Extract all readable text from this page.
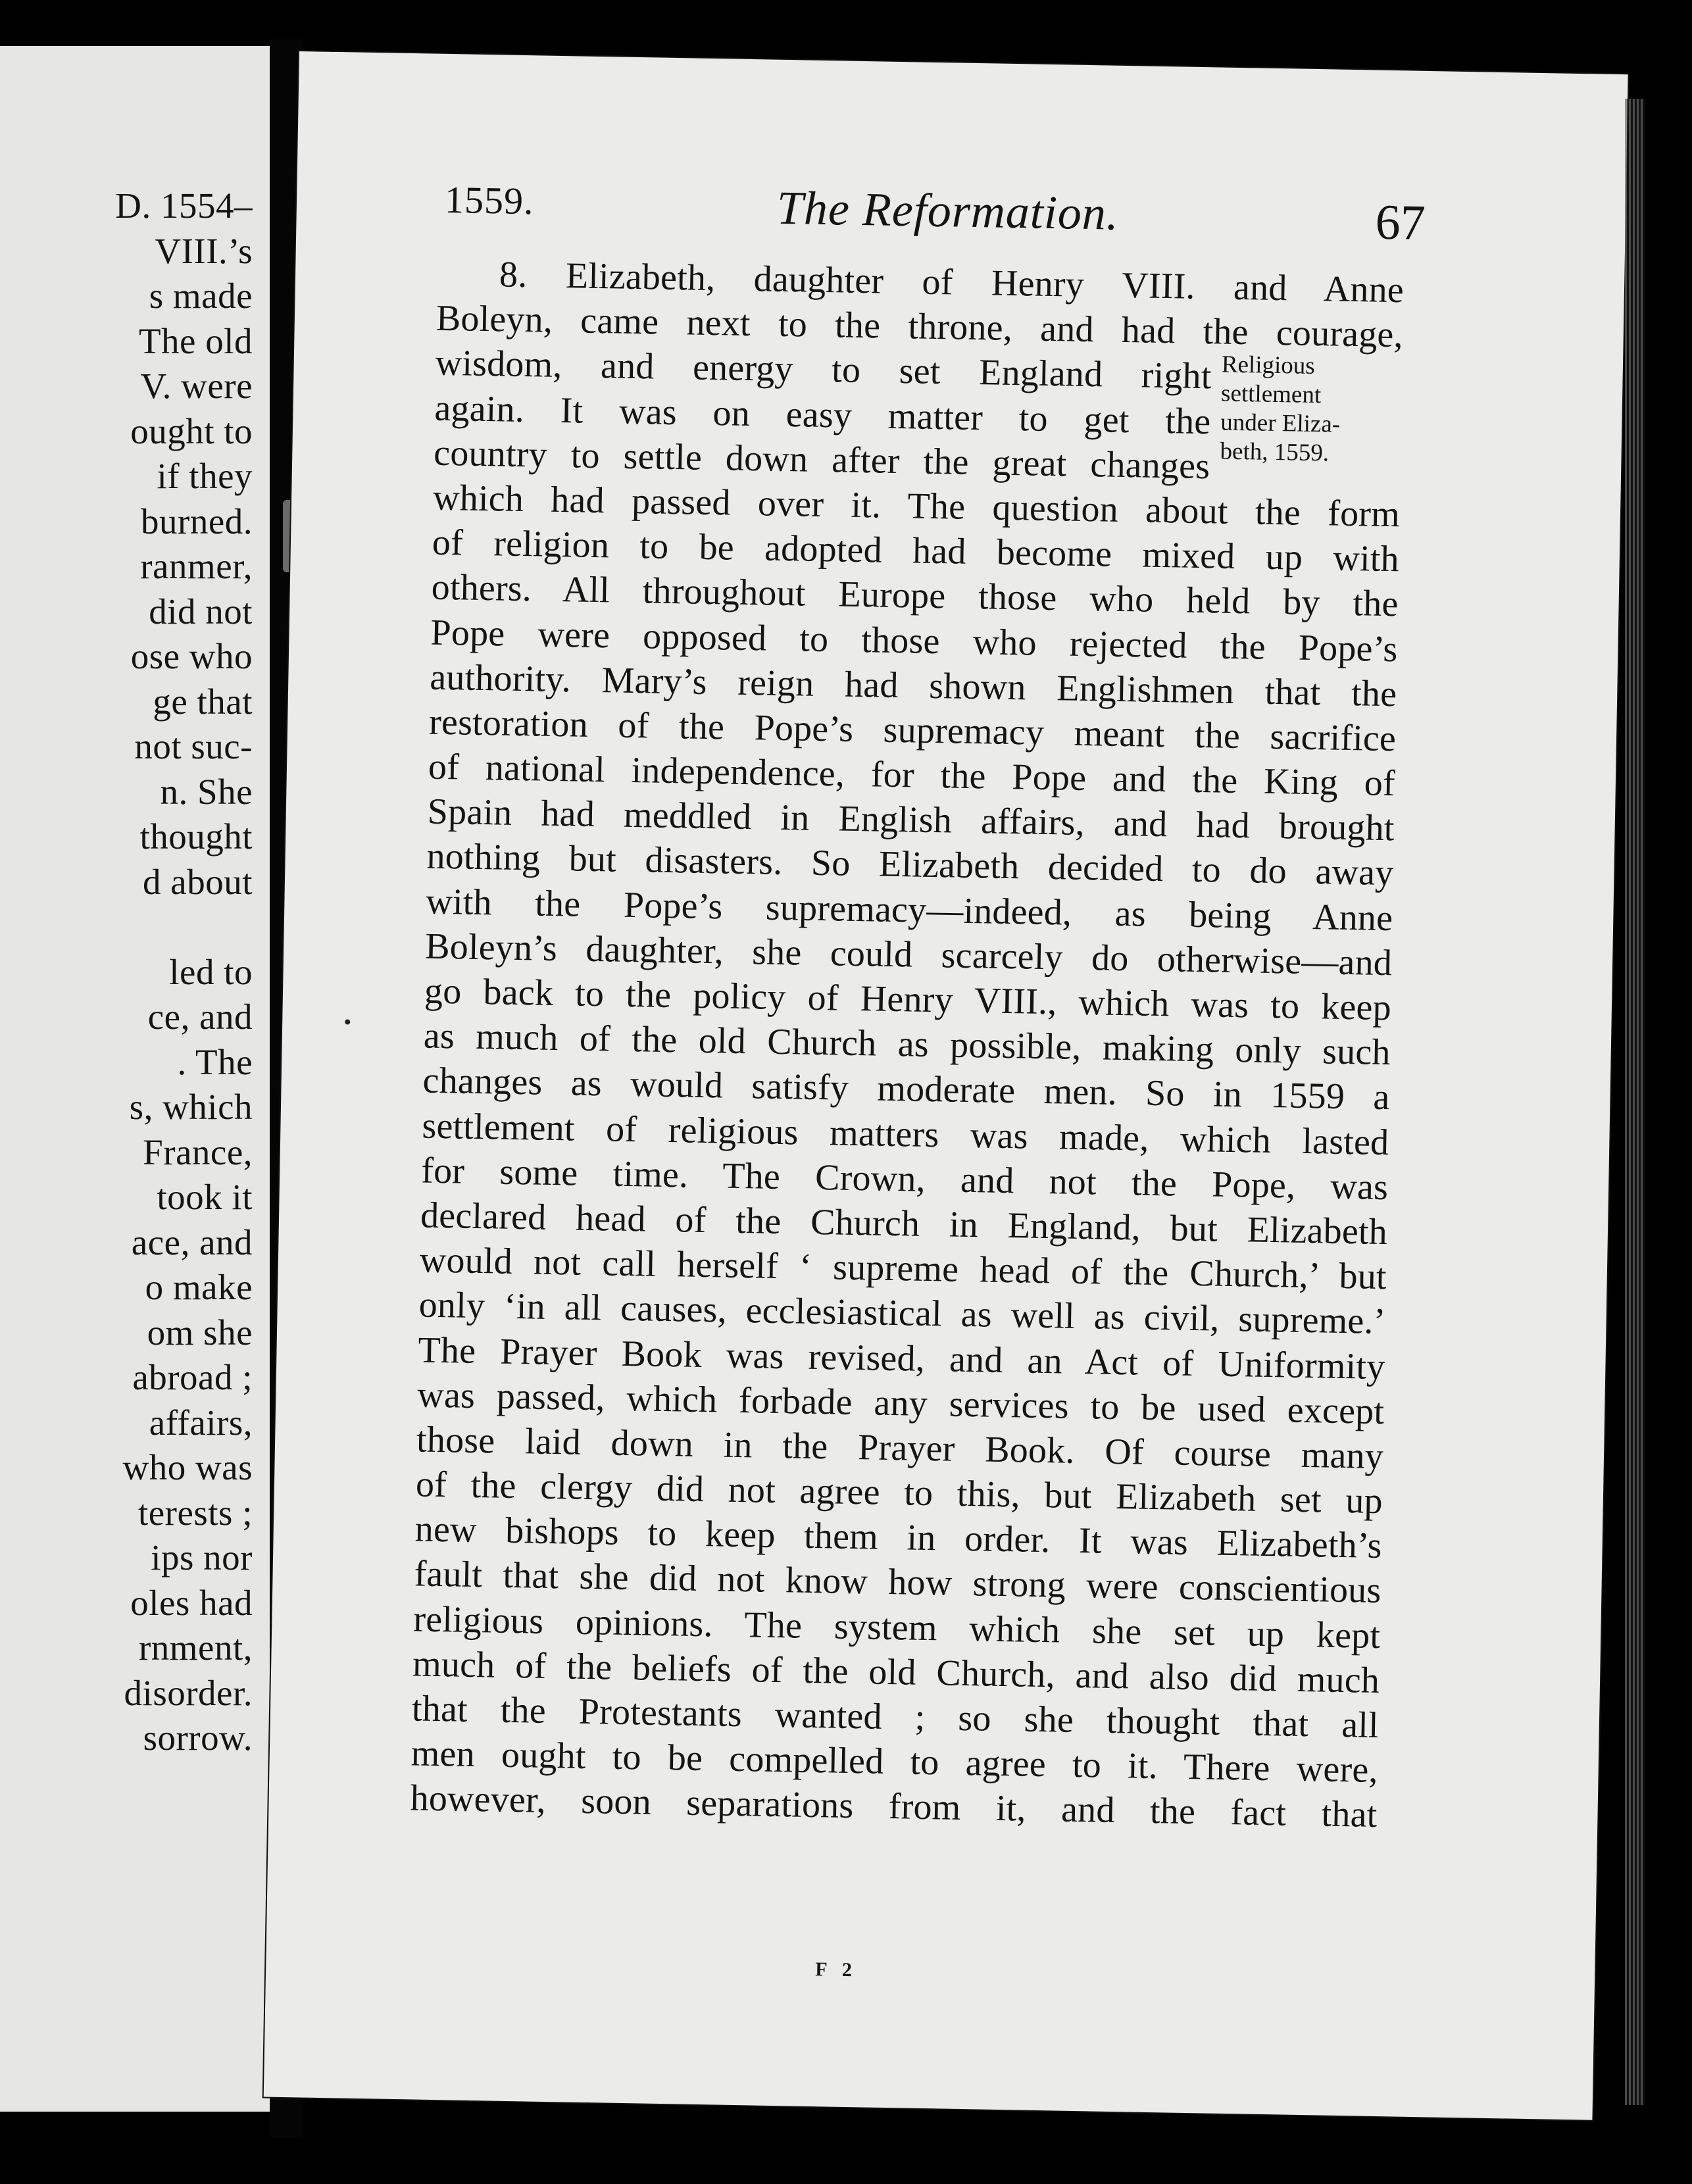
D. 1554–
VIII.’s
s made
The old
V. were
ought to
if they
burned.
ranmer,
did not
ose who
ge that
not suc-
n. She
thought
d about
led to
ce, and
. The
s, which
France,
took it
ace, and
o make
om she
abroad ;
affairs,
who was
terests ;
ips nor
oles had
rnment,
disorder.
sorrow.
1559.	The Reformation.	67
8. Elizabeth, daughter of Henry VIII. and Anne
Boleyn, came next to the throne, and had the courage,
wisdom, and energy to set England right
again. It was on easy matter to get the
country to settle down after the great changes
which had passed over it. The question about the form
of religion to be adopted had become mixed up with
others. All throughout Europe those who held by the
Pope were opposed to those who rejected the Pope’s
authority. Mary’s reign had shown Englishmen that the
restoration of the Pope’s supremacy meant the sacrifice
of national independence, for the Pope and the King of
Spain had meddled in English affairs, and had brought
nothing but disasters. So Elizabeth decided to do away
with the Pope’s supremacy—indeed, as being Anne
Boleyn’s daughter, she could scarcely do otherwise—and
go back to the policy of Henry VIII., which was to keep
as much of the old Church as possible, making only such
changes as would satisfy moderate men. So in 1559 a
settlement of religious matters was made, which lasted
for some time. The Crown, and not the Pope, was
declared head of the Church in England, but Elizabeth
would not call herself ‘ supreme head of the Church,’ but
only ‘in all causes, ecclesiastical as well as civil, supreme.’
The Prayer Book was revised, and an Act of Uniformity
was passed, which forbade any services to be used except
those laid down in the Prayer Book. Of course many
of the clergy did not agree to this, but Elizabeth set up
new bishops to keep them in order. It was Elizabeth’s
fault that she did not know how strong were conscientious
religious opinions. The system which she set up kept
much of the beliefs of the old Church, and also did much
that the Protestants wanted ; so she thought that all
men ought to be compelled to agree to it. There were,
however, soon separations from it, and the fact that
Religious
settlement
under Eliza-
beth, 1559.
F 2
